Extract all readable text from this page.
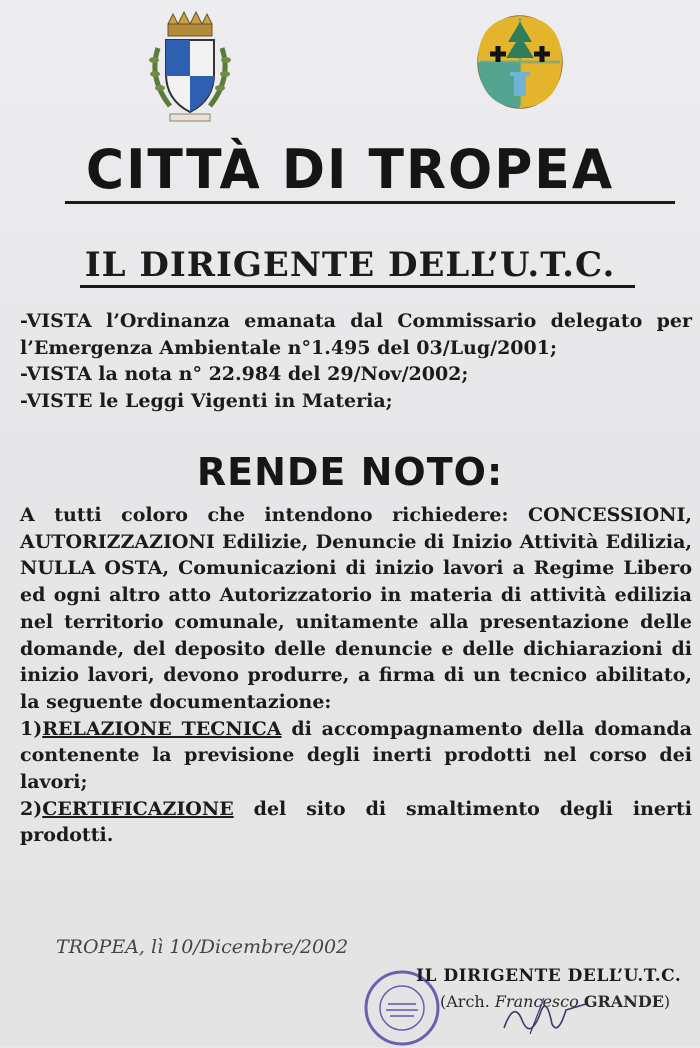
CITTÀ DI TROPEA
IL DIRIGENTE DELL’U.T.C.

-VISTA l’Ordinanza emanata dal Commissario delegato per l’Emergenza Ambientale n°1.495 del 03/Lug/2001;

-VISTA la nota n° 22.984 del 29/Nov/2002;

-VISTE le Leggi Vigenti in Materia;

RENDE NOTO:

A tutti coloro che intendono richiedere: CONCESSIONI, AUTORIZZAZIONI Edilizie, Denuncie di Inizio Attività Edilizia, NULLA OSTA, Comunicazioni di inizio lavori a Regime Libero ed ogni altro atto Autorizzatorio in materia di attività edilizia nel territorio comunale, unitamente alla presentazione delle domande, del deposito delle denuncie e delle dichiarazioni di inizio lavori, devono produrre, a firma di un tecnico abilitato, la seguente documentazione:

1)RELAZIONE TECNICA di accompagnamento della domanda contenente la previsione degli inerti prodotti nel corso dei lavori;

2)CERTIFICAZIONE del sito di smaltimento degli inerti prodotti.

TROPEA, lì 10/Dicembre/2002
IL DIRIGENTE DELL’U.T.C.
(Arch. Francesco GRANDE)
